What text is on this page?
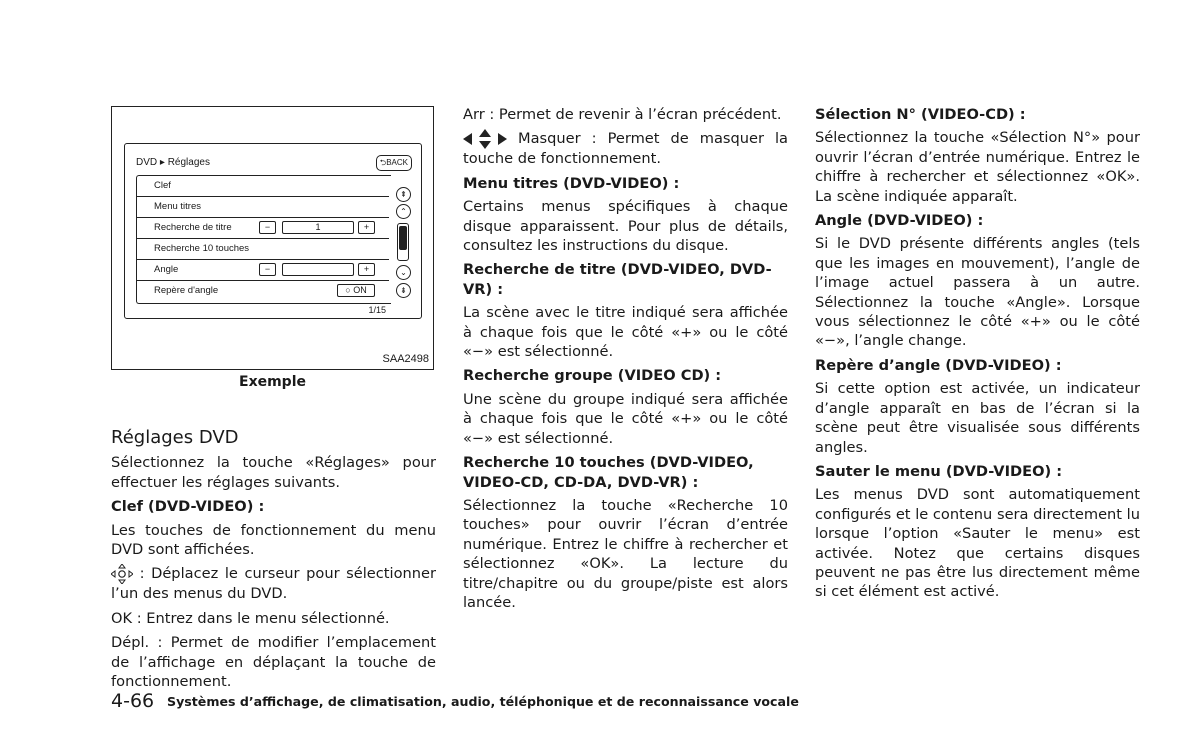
DVD ▸ Réglages	⮌BACK
Clef
Menu titres
Recherche de titre	−	1	+
Recherche 10 touches
Angle	−	+
Repère d'angle	○ ON
⇞
⌃
⌄
⇟
1/15
SAA2498
Exemple

Réglages DVD

Sélectionnez la touche «Réglages» pour effectuer les réglages suivants.

Clef (DVD-VIDEO) :

Les touches de fonctionnement du menu DVD sont affichées.

: Déplacez le curseur pour sélectionner l’un des menus du DVD.

OK : Entrez dans le menu sélectionné.

Dépl. : Permet de modifier l’emplacement de l’affichage en déplaçant la touche de fonctionnement.

Arr : Permet de revenir à l’écran précédent.

Masquer : Permet de masquer la touche de fonctionnement.

Menu titres (DVD-VIDEO) :

Certains menus spécifiques à chaque disque apparaissent. Pour plus de détails, consultez les instructions du disque.

Recherche de titre (DVD-VIDEO, DVD-VR) :

La scène avec le titre indiqué sera affichée à chaque fois que le côté «+» ou le côté «−» est sélectionné.

Recherche groupe (VIDEO CD) :

Une scène du groupe indiqué sera affichée à chaque fois que le côté «+» ou le côté «−» est sélectionné.

Recherche 10 touches (DVD-VIDEO, VIDEO-CD, CD-DA, DVD-VR) :

Sélectionnez la touche «Recherche 10 touches» pour ouvrir l’écran d’entrée numérique. Entrez le chiffre à rechercher et sélectionnez «OK». La lecture du titre/chapitre ou du groupe/piste est alors lancée.

Sélection N° (VIDEO-CD) :

Sélectionnez la touche «Sélection N°» pour ouvrir l’écran d’entrée numérique. Entrez le chiffre à rechercher et sélectionnez «OK». La scène indiquée apparaît.

Angle (DVD-VIDEO) :

Si le DVD présente différents angles (tels que les images en mouvement), l’angle de l’image actuel passera à un autre. Sélectionnez la touche «Angle». Lorsque vous sélectionnez le côté «+» ou le côté «−», l’angle change.

Repère d’angle (DVD-VIDEO) :

Si cette option est activée, un indicateur d’angle apparaît en bas de l’écran si la scène peut être visualisée sous différents angles.

Sauter le menu (DVD-VIDEO) :

Les menus DVD sont automatiquement configurés et le contenu sera directement lu lorsque l’option «Sauter le menu» est activée. Notez que certains disques peuvent ne pas être lus directement même si cet élément est activé.

4-66 Systèmes d’affichage, de climatisation, audio, téléphonique et de reconnaissance vocale
